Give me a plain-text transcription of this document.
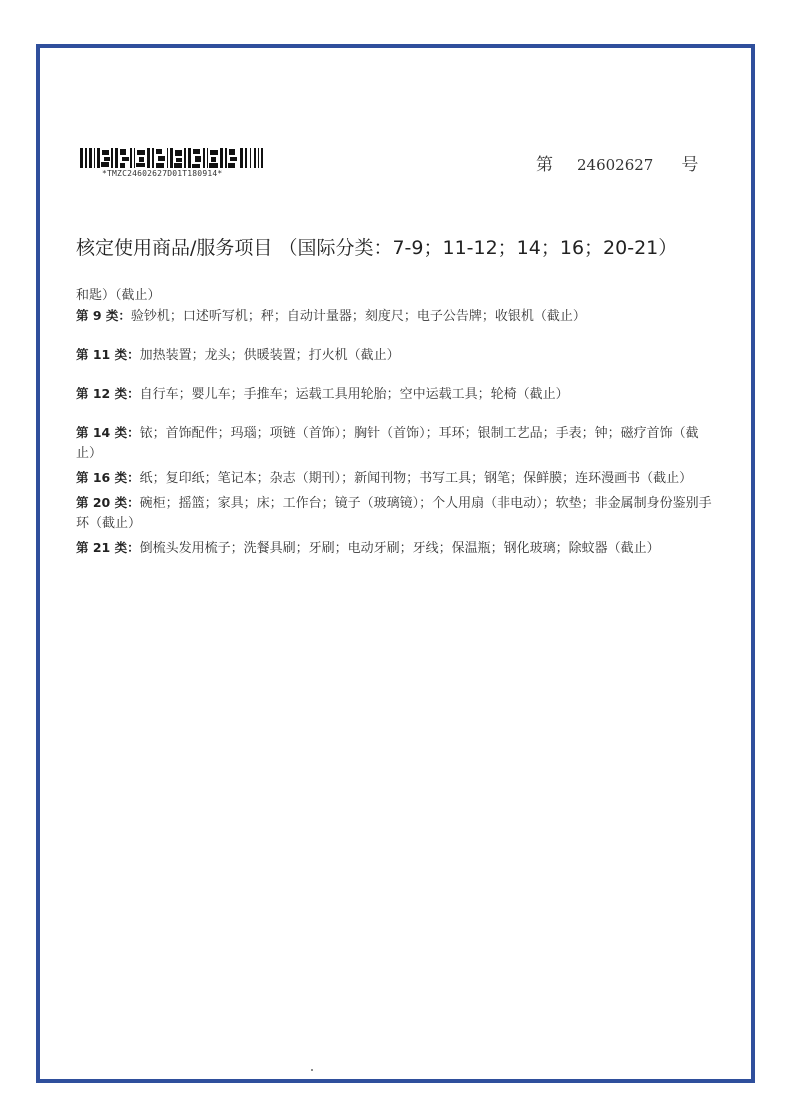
*TMZC24602627D01T180914*	第 24602627 号
核定使用商品/服务项目 （国际分类：7-9；11-12；14；16；20-21）
和匙）（截止）
第 9 类：验钞机；口述听写机；秤；自动计量器；刻度尺；电子公告牌；收银机（截止）
第 11 类：加热装置；龙头；供暖装置；打火机（截止）
第 12 类：自行车；婴儿车；手推车；运载工具用轮胎；空中运载工具；轮椅（截止）
第 14 类：铱；首饰配件；玛瑙；项链（首饰）；胸针（首饰）；耳环；银制工艺品；手表；钟；磁疗首饰（截止）
第 16 类：纸；复印纸；笔记本；杂志（期刊）；新闻刊物；书写工具；钢笔；保鲜膜；连环漫画书（截止）
第 20 类：碗柜；摇篮；家具；床；工作台；镜子（玻璃镜）；个人用扇（非电动）；软垫；非金属制身份鉴别手环（截止）
第 21 类：倒梳头发用梳子；洗餐具刷；牙刷；电动牙刷；牙线；保温瓶；钢化玻璃；除蚊器（截止）
